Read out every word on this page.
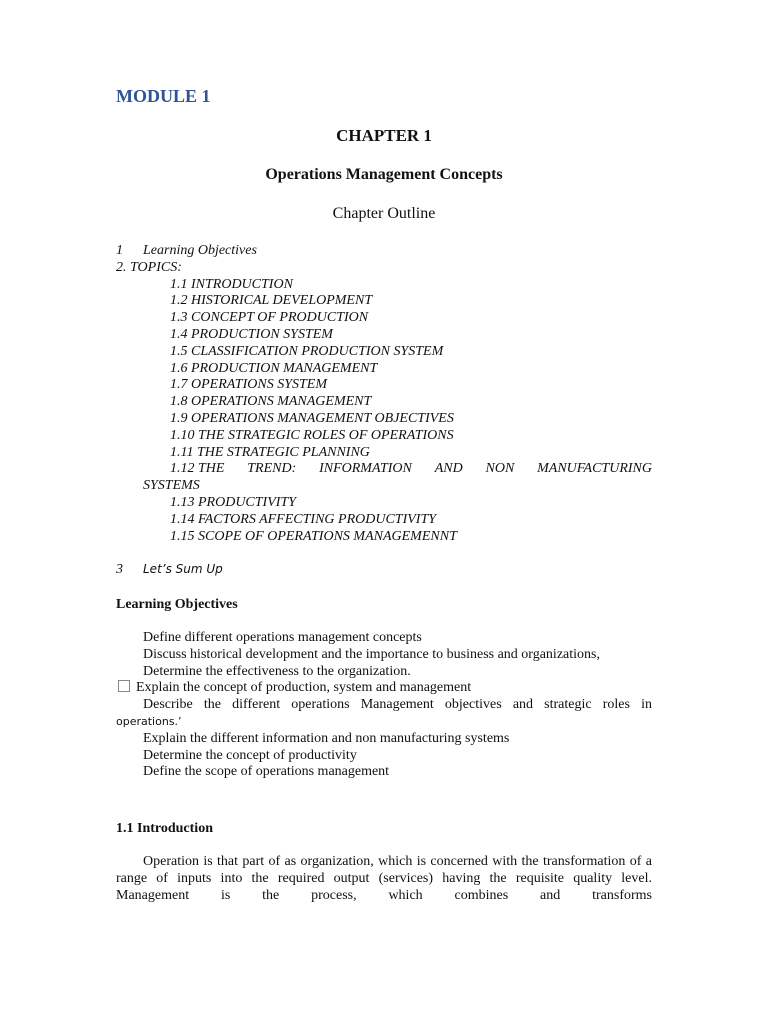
MODULE 1
CHAPTER 1
Operations Management Concepts
Chapter Outline
1 Learning Objectives
2. TOPICS:
1.1 INTRODUCTION
1.2 HISTORICAL DEVELOPMENT
1.3 CONCEPT OF PRODUCTION
1.4 PRODUCTION SYSTEM
1.5 CLASSIFICATION PRODUCTION SYSTEM
1.6 PRODUCTION MANAGEMENT
1.7 OPERATIONS SYSTEM
1.8 OPERATIONS MANAGEMENT
1.9 OPERATIONS MANAGEMENT OBJECTIVES
1.10 THE STRATEGIC ROLES OF OPERATIONS
1.11 THE STRATEGIC PLANNING
1.12 THE TREND: INFORMATION AND NON MANUFACTURING
SYSTEMS
1.13 PRODUCTIVITY
1.14 FACTORS AFFECTING PRODUCTIVITY
1.15 SCOPE OF OPERATIONS MANAGEMENNT
3 Let’s Sum Up
Learning Objectives
Define different operations management concepts
Discuss historical development and the importance to business and organizations,
Determine the effectiveness to the organization.
Explain the concept of production, system and management
Describe the different operations Management objectives and strategic roles in
operations.’
Explain the different information and non manufacturing systems
Determine the concept of productivity
Define the scope of operations management
1.1 Introduction
Operation is that part of as organization, which is concerned with the transformation of a range of inputs into the required output (services) having the requisite quality level. Management is the process, which combines and transforms
